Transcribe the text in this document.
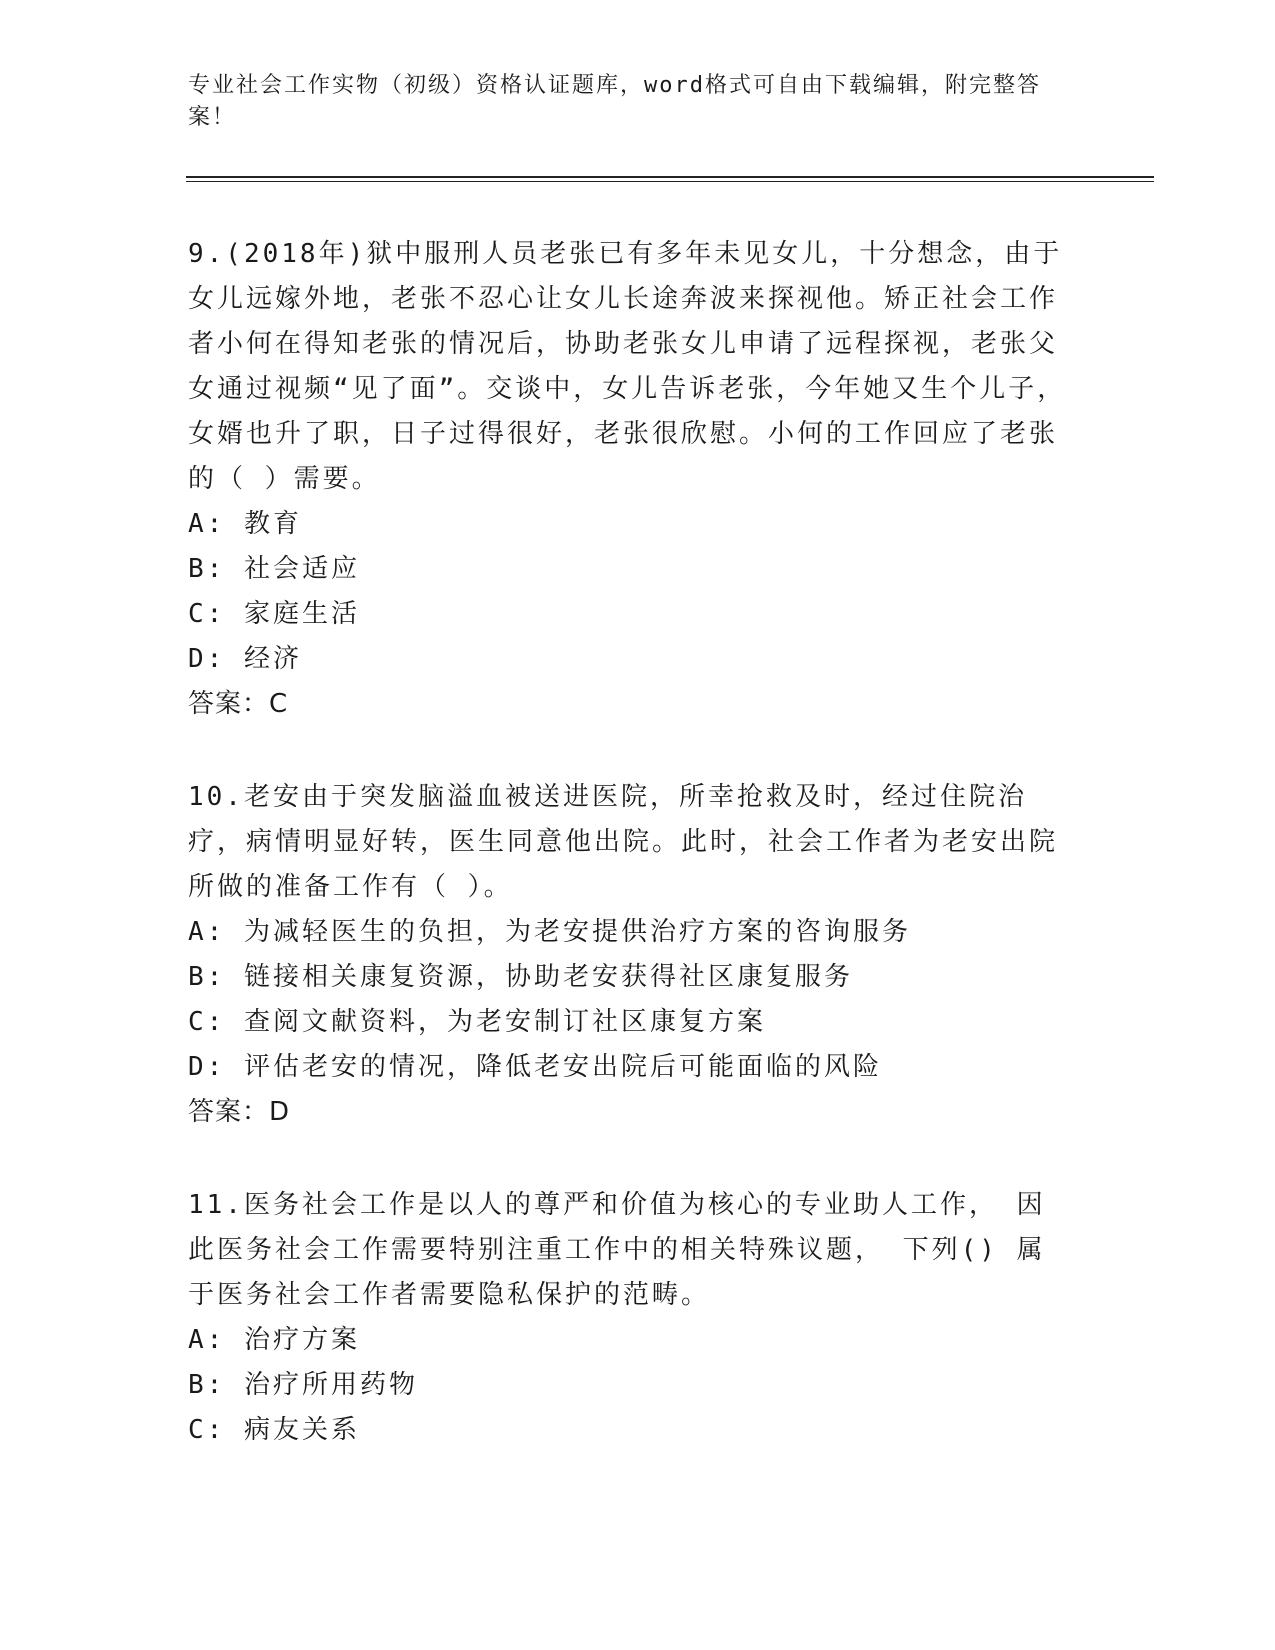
专业社会工作实物（初级）资格认证题库，word格式可自由下载编辑，附完整答案！

9.(2018年)狱中服刑人员老张已有多年未见女儿，十分想念，由于女儿远嫁外地，老张不忍心让女儿长途奔波来探视他。矫正社会工作者小何在得知老张的情况后，协助老张女儿申请了远程探视，老张父女通过视频“见了面”。交谈中，女儿告诉老张，今年她又生个儿子，女婿也升了职，日子过得很好，老张很欣慰。小何的工作回应了老张的（ ）需要。

A: 教育

B: 社会适应

C: 家庭生活

D: 经济

答案：C

10.老安由于突发脑溢血被送进医院，所幸抢救及时，经过住院治疗，病情明显好转，医生同意他出院。此时，社会工作者为老安出院所做的准备工作有（ ）。

A: 为减轻医生的负担，为老安提供治疗方案的咨询服务

B: 链接相关康复资源，协助老安获得社区康复服务

C: 查阅文献资料，为老安制订社区康复方案

D: 评估老安的情况，降低老安出院后可能面临的风险

答案：D

11.医务社会工作是以人的尊严和价值为核心的专业助人工作， 因此医务社会工作需要特别注重工作中的相关特殊议题， 下列() 属于医务社会工作者需要隐私保护的范畴。

A: 治疗方案

B: 治疗所用药物

C: 病友关系
